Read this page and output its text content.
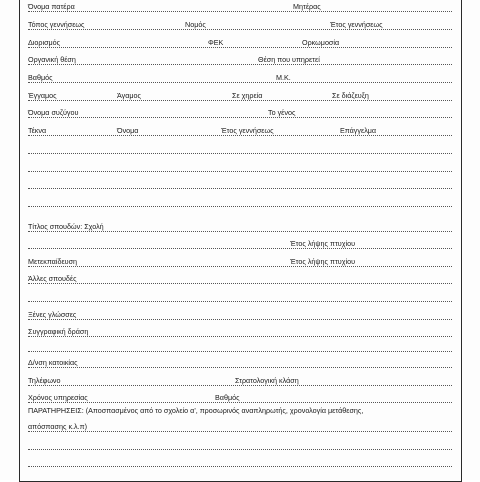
Όνομα πατέρα	Μητέρας
Τόπος γεννήσεως	Νομός	Έτος γεννήσεως
Διορισμός	ΦΕΚ	Ορκωμοσία
Οργανική θέση	Θέση που υπηρετεί
Βαθμός	Μ.Κ.
Έγγαμος	Άγαμος	Σε χηρεία	Σε διάζευξη
Όνομα συζύγου	Το γένος
Τέκνα	Όνομα	Έτος γεννήσεως	Επάγγελμα
Τίτλος σπουδών: Σχολή
Έτος λήψης πτυχίου
Μετεκπαίδευση	Έτος λήψης πτυχίου
Άλλες σπουδές
Ξένες γλώσσες
Συγγραφική δράση
Δ/νση κατοικίας
Τηλέφωνο	Στρατολογική κλάση
Χρόνος υπηρεσίας	Βαθμός
ΠΑΡΑΤΗΡΗΣΕΙΣ: (Αποσπασμένος από το σχολείο α', προσωρινός αναπληρωτής, χρονολογία μετάθεσης,
απόσπασης κ.λ.π)
